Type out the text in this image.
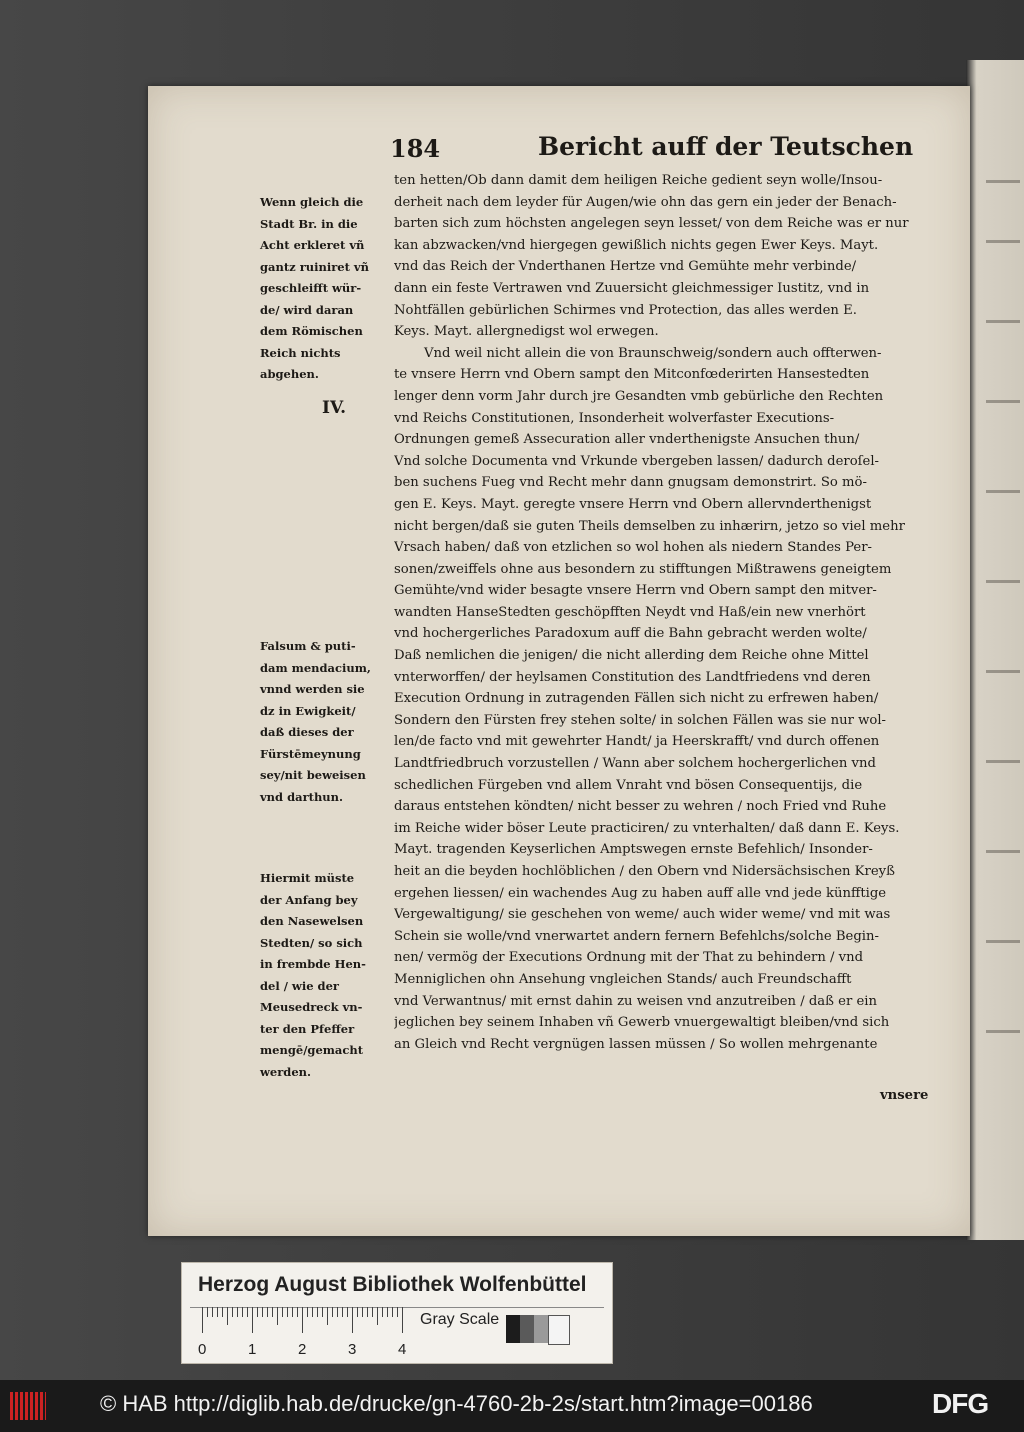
184	Bericht auff der Teutschen
Wenn gleich die
Stadt Br. in die
Acht erkleret vñ
gantz ruiniret vñ
geschleifft wür-
de/ wird daran
dem Römischen
Reich nichts
abgehen.
Falsum & puti-
dam mendacium,
vnnd werden sie
dz in Ewigkeit/
daß dieses der
Fürstēmeynung
sey/nit beweisen
vnd darthun.
Hiermit müste
der Anfang bey
den Nasewelsen
Stedten/ so sich
in frembde Hen-
del / wie der
Meusedreck vn-
ter den Pfeffer
mengē/gemacht
werden.
IV.
ten hetten/Ob dann damit dem heiligen Reiche gedient seyn wolle/Insou-
derheit nach dem leyder für Augen/wie ohn das gern ein jeder der Benach-
barten sich zum höchsten angelegen seyn lesset/ von dem Reiche was er nur
kan abzwacken/vnd hiergegen gewißlich nichts gegen Ewer Keys. Mayt.
vnd das Reich der Vnderthanen Hertze vnd Gemühte mehr verbinde/
dann ein feste Vertrawen vnd Zuuersicht gleichmessiger Iustitz, vnd in
Nohtfällen gebürlichen Schirmes vnd Protection, das alles werden E.
Keys. Mayt. allergnedigst wol erwegen.
Vnd weil nicht allein die von Braunschweig/sondern auch offterwen-
te vnsere Herrn vnd Obern sampt den Mitconfœderirten Hansestedten
lenger denn vorm Jahr durch jre Gesandten vmb gebürliche den Rechten
vnd Reichs Constitutionen, Insonderheit wolverfaster Executions-
Ordnungen gemeß Assecuration aller vnderthenigste Ansuchen thun/
Vnd solche Documenta vnd Vrkunde vbergeben lassen/ dadurch deroſel-
ben suchens Fueg vnd Recht mehr dann gnugsam demonstrirt. So mö-
gen E. Keys. Mayt. geregte vnsere Herrn vnd Obern allervnderthenigst
nicht bergen/daß sie guten Theils demselben zu inhærirn, jetzo so viel mehr
Vrsach haben/ daß von etzlichen so wol hohen als niedern Standes Per-
sonen/zweiffels ohne aus besondern zu stifftungen Mißtrawens geneigtem
Gemühte/vnd wider besagte vnsere Herrn vnd Obern sampt den mitver-
wandten HanseStedten geschöpfften Neydt vnd Haß/ein new vnerhört
vnd hochergerliches Paradoxum auff die Bahn gebracht werden wolte/
Daß nemlichen die jenigen/ die nicht allerding dem Reiche ohne Mittel
vnterworffen/ der heylsamen Constitution des Landtfriedens vnd deren
Execution Ordnung in zutragenden Fällen sich nicht zu erfrewen haben/
Sondern den Fürsten frey stehen solte/ in solchen Fällen was sie nur wol-
len/de facto vnd mit gewehrter Handt/ ja Heerskrafft/ vnd durch offenen
Landtfriedbruch vorzustellen / Wann aber solchem hochergerlichen vnd
schedlichen Fürgeben vnd allem Vnraht vnd bösen Consequentijs, die
daraus entstehen köndten/ nicht besser zu wehren / noch Fried vnd Ruhe
im Reiche wider böser Leute practiciren/ zu vnterhalten/ daß dann E. Keys.
Mayt. tragenden Keyserlichen Amptswegen ernste Befehlich/ Insonder-
heit an die beyden hochlöblichen / den Obern vnd Nidersächsischen Kreyß
ergehen liessen/ ein wachendes Aug zu haben auff alle vnd jede künfftige
Vergewaltigung/ sie geschehen von weme/ auch wider weme/ vnd mit was
Schein sie wolle/vnd vnerwartet andern fernern Befehlchs/solche Begin-
nen/ vermög der Executions Ordnung mit der That zu behindern / vnd
Menniglichen ohn Ansehung vngleichen Stands/ auch Freundschafft
vnd Verwantnus/ mit ernst dahin zu weisen vnd anzutreiben / daß er ein
jeglichen bey seinem Inhaben vñ Gewerb vnuergewaltigt bleiben/vnd sich
an Gleich vnd Recht vergnügen lassen müssen / So wollen mehrgenante
vnsere
Herzog August Bibliothek Wolfenbüttel
0	1	2	3	4
Gray Scale
© HAB http://diglib.hab.de/drucke/gn-4760-2b-2s/start.htm?image=00186	DFG
